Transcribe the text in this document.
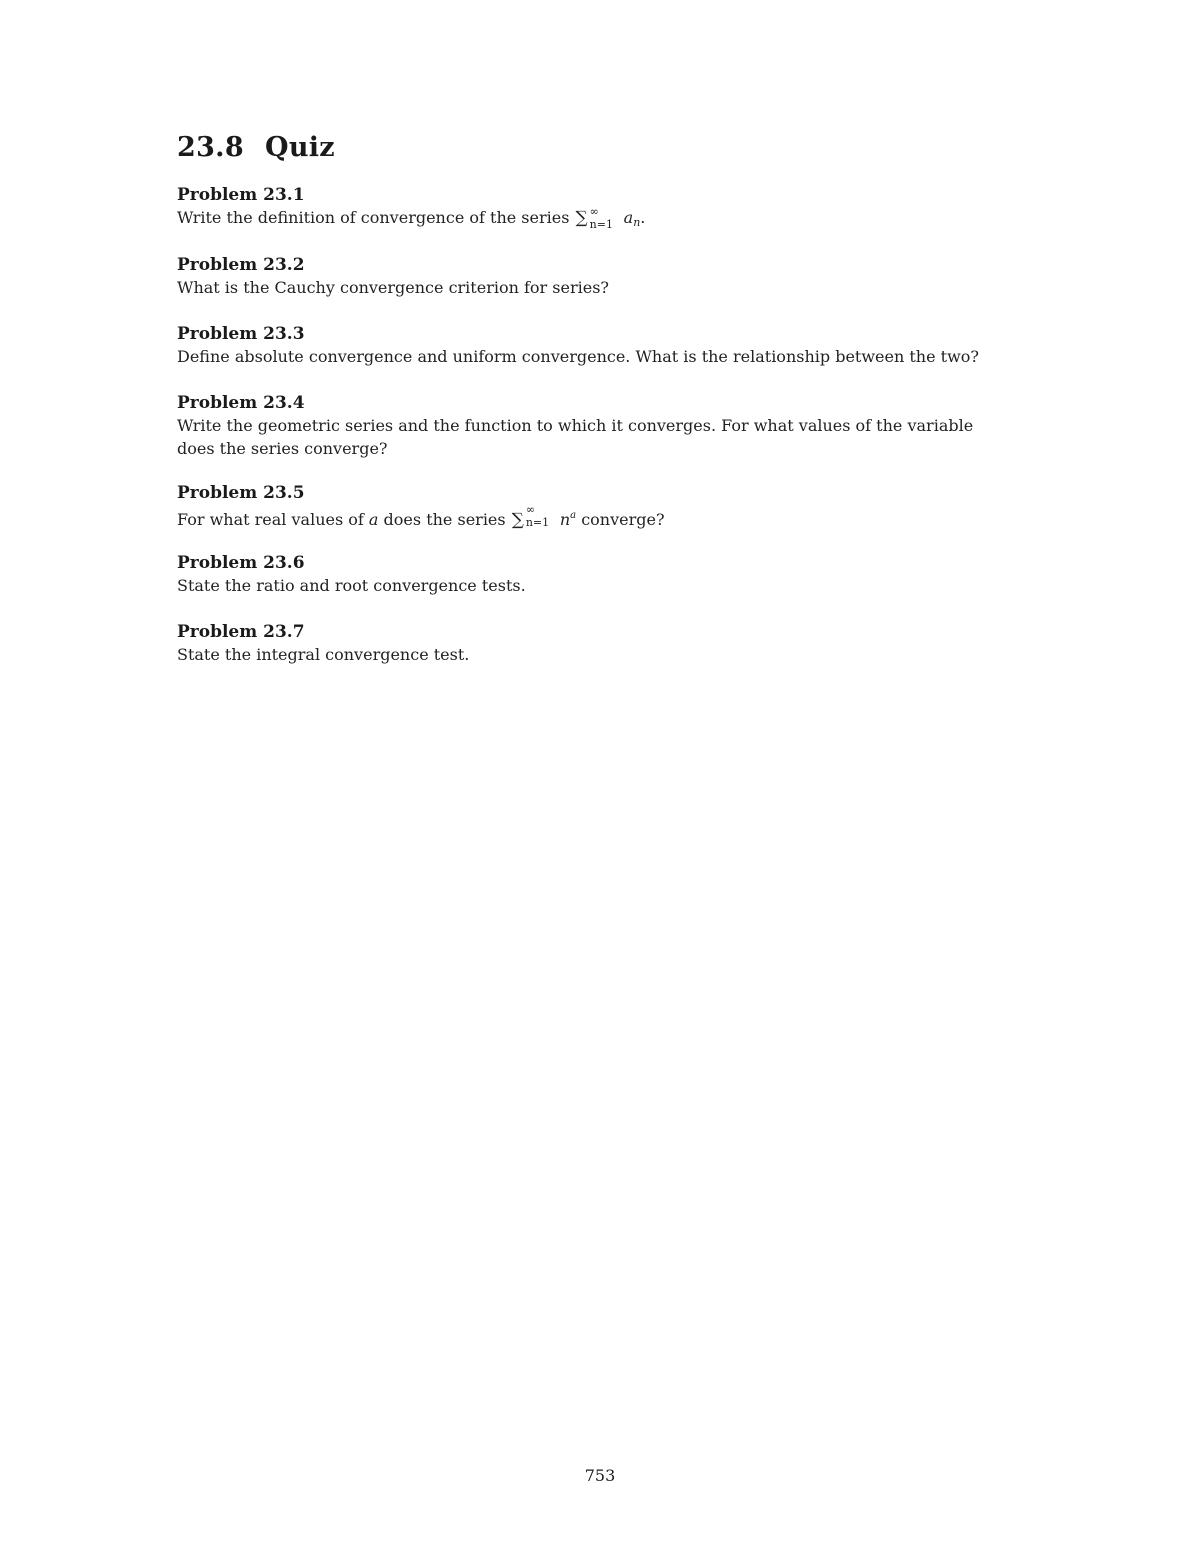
23.8 Quiz
Problem 23.1
Write the definition of convergence of the series ∑ ∞
n=1 an.
Problem 23.2
What is the Cauchy convergence criterion for series?
Problem 23.3
Define absolute convergence and uniform convergence. What is the relationship between the two?
Problem 23.4
Write the geometric series and the function to which it converges. For what values of the variable
does the series converge?
Problem 23.5
For what real values of a does the series ∑
∞
n=1 $n^a$ converge?
Problem 23.6
State the ratio and root convergence tests.
Problem 23.7
State the integral convergence test.
753
